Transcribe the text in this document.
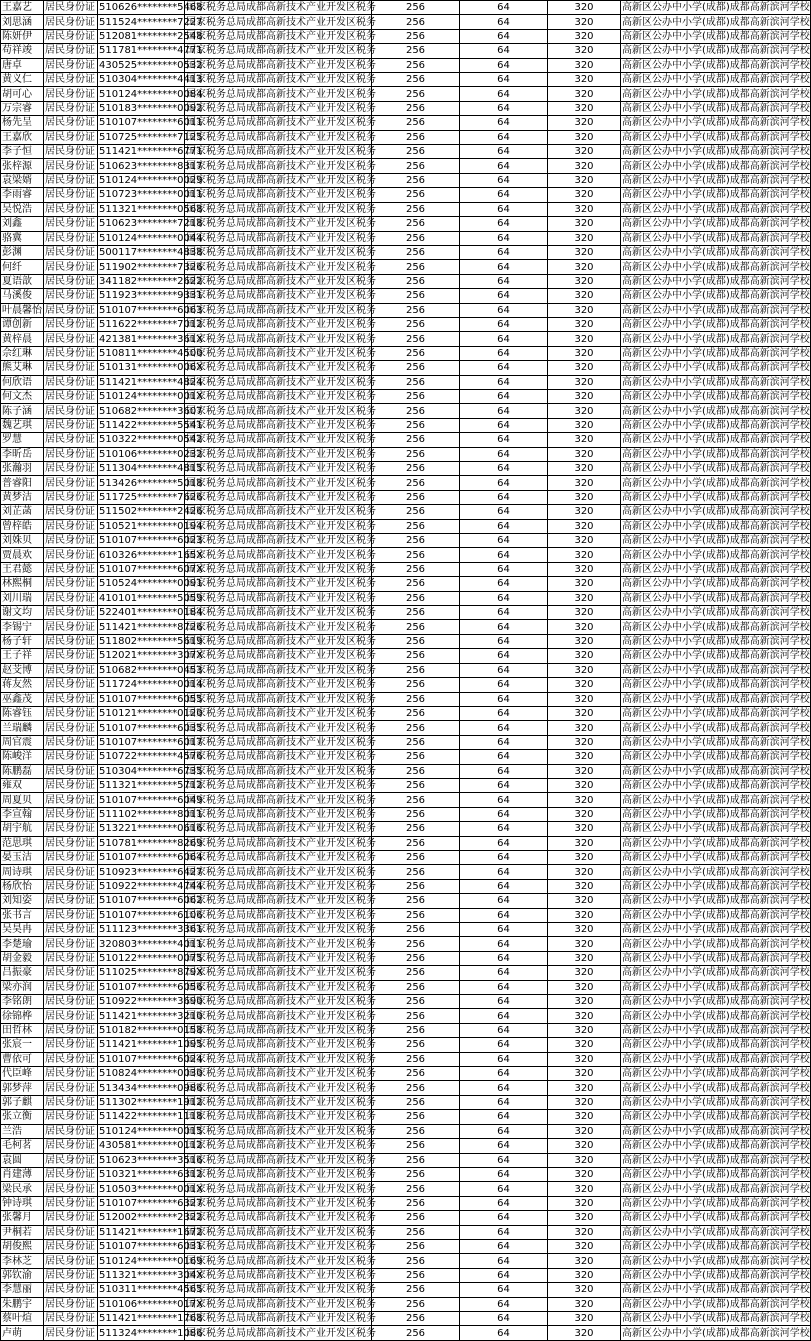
王嘉艺	居民身份证	510626********5468	国家税务总局成都高新技术产业开发区税务	256	64	320	高新区公办中小学(成都)成都高新滨河学校
刘思涵	居民身份证	511524********7227	国家税务总局成都高新技术产业开发区税务	256	64	320	高新区公办中小学(成都)成都高新滨河学校
陈妍伊	居民身份证	512081********2548	国家税务总局成都高新技术产业开发区税务	256	64	320	高新区公办中小学(成都)成都高新滨河学校
苟祥竣	居民身份证	511781********4771	国家税务总局成都高新技术产业开发区税务	256	64	320	高新区公办中小学(成都)成都高新滨河学校
唐卓	居民身份证	430525********0532	国家税务总局成都高新技术产业开发区税务	256	64	320	高新区公办中小学(成都)成都高新滨河学校
黄义仁	居民身份证	510304********4413	国家税务总局成都高新技术产业开发区税务	256	64	320	高新区公办中小学(成都)成都高新滨河学校
胡可心	居民身份证	510124********0084	国家税务总局成都高新技术产业开发区税务	256	64	320	高新区公办中小学(成都)成都高新滨河学校
万宗睿	居民身份证	510183********0092	国家税务总局成都高新技术产业开发区税务	256	64	320	高新区公办中小学(成都)成都高新滨河学校
杨先呈	居民身份证	510107********6011	国家税务总局成都高新技术产业开发区税务	256	64	320	高新区公办中小学(成都)成都高新滨河学校
王嘉欣	居民身份证	510725********7125	国家税务总局成都高新技术产业开发区税务	256	64	320	高新区公办中小学(成都)成都高新滨河学校
李子恒	居民身份证	511421********6771	国家税务总局成都高新技术产业开发区税务	256	64	320	高新区公办中小学(成都)成都高新滨河学校
张梓源	居民身份证	510623********8317	国家税务总局成都高新技术产业开发区税务	256	64	320	高新区公办中小学(成都)成都高新滨河学校
袁梁婿	居民身份证	510124********0029	国家税务总局成都高新技术产业开发区税务	256	64	320	高新区公办中小学(成都)成都高新滨河学校
李雨睿	居民身份证	510723********0011	国家税务总局成都高新技术产业开发区税务	256	64	320	高新区公办中小学(成都)成都高新滨河学校
吴悦浩	居民身份证	511321********0568	国家税务总局成都高新技术产业开发区税务	256	64	320	高新区公办中小学(成都)成都高新滨河学校
刘鑫	居民身份证	510623********7218	国家税务总局成都高新技术产业开发区税务	256	64	320	高新区公办中小学(成都)成都高新滨河学校
骆冀	居民身份证	510124********0044	国家税务总局成都高新技术产业开发区税务	256	64	320	高新区公办中小学(成都)成都高新滨河学校
彭渊	居民身份证	500117********4838	国家税务总局成都高新技术产业开发区税务	256	64	320	高新区公办中小学(成都)成都高新滨河学校
何纤	居民身份证	511902********7326	国家税务总局成都高新技术产业开发区税务	256	64	320	高新区公办中小学(成都)成都高新滨河学校
夏语歆	居民身份证	341182********2622	国家税务总局成都高新技术产业开发区税务	256	64	320	高新区公办中小学(成都)成都高新滨河学校
马溪俊	居民身份证	511923********9331	国家税务总局成都高新技术产业开发区税务	256	64	320	高新区公办中小学(成都)成都高新滨河学校
叶晨馨怡	居民身份证	510107********6063	国家税务总局成都高新技术产业开发区税务	256	64	320	高新区公办中小学(成都)成都高新滨河学校
谭创新	居民身份证	511622********7012	国家税务总局成都高新技术产业开发区税务	256	64	320	高新区公办中小学(成都)成都高新滨河学校
黄梓晨	居民身份证	421381********361X	国家税务总局成都高新技术产业开发区税务	256	64	320	高新区公办中小学(成都)成都高新滨河学校
佘红琳	居民身份证	510811********4500	国家税务总局成都高新技术产业开发区税务	256	64	320	高新区公办中小学(成都)成都高新滨河学校
熊艾琳	居民身份证	510131********006X	国家税务总局成都高新技术产业开发区税务	256	64	320	高新区公办中小学(成都)成都高新滨河学校
何欣语	居民身份证	511421********4824	国家税务总局成都高新技术产业开发区税务	256	64	320	高新区公办中小学(成都)成都高新滨河学校
何文杰	居民身份证	510124********001X	国家税务总局成都高新技术产业开发区税务	256	64	320	高新区公办中小学(成都)成都高新滨河学校
陈子涵	居民身份证	510682********3607	国家税务总局成都高新技术产业开发区税务	256	64	320	高新区公办中小学(成都)成都高新滨河学校
魏艺琪	居民身份证	511422********5541	国家税务总局成都高新技术产业开发区税务	256	64	320	高新区公办中小学(成都)成都高新滨河学校
罗慧	居民身份证	510322********0542	国家税务总局成都高新技术产业开发区税务	256	64	320	高新区公办中小学(成都)成都高新滨河学校
李昕岳	居民身份证	510106********0232	国家税务总局成都高新技术产业开发区税务	256	64	320	高新区公办中小学(成都)成都高新滨河学校
张瀚羽	居民身份证	511304********4815	国家税务总局成都高新技术产业开发区税务	256	64	320	高新区公办中小学(成都)成都高新滨河学校
普睿阳	居民身份证	513426********5018	国家税务总局成都高新技术产业开发区税务	256	64	320	高新区公办中小学(成都)成都高新滨河学校
黄梦洁	居民身份证	511725********7626	国家税务总局成都高新技术产业开发区税务	256	64	320	高新区公办中小学(成都)成都高新滨河学校
刘芷菡	居民身份证	511502********2426	国家税务总局成都高新技术产业开发区税务	256	64	320	高新区公办中小学(成都)成都高新滨河学校
曾梓皓	居民身份证	510521********0194	国家税务总局成都高新技术产业开发区税务	256	64	320	高新区公办中小学(成都)成都高新滨河学校
刘姝贝	居民身份证	510107********6023	国家税务总局成都高新技术产业开发区税务	256	64	320	高新区公办中小学(成都)成都高新滨河学校
贾晨欢	居民身份证	610326********165X	国家税务总局成都高新技术产业开发区税务	256	64	320	高新区公办中小学(成都)成都高新滨河学校
王君懿	居民身份证	510107********607X	国家税务总局成都高新技术产业开发区税务	256	64	320	高新区公办中小学(成都)成都高新滨河学校
林熙桐	居民身份证	510524********0091	国家税务总局成都高新技术产业开发区税务	256	64	320	高新区公办中小学(成都)成都高新滨河学校
刘川瑞	居民身份证	410101********5059	国家税务总局成都高新技术产业开发区税务	256	64	320	高新区公办中小学(成都)成都高新滨河学校
谢文均	居民身份证	522401********0184	国家税务总局成都高新技术产业开发区税务	256	64	320	高新区公办中小学(成都)成都高新滨河学校
李锡宁	居民身份证	511421********8726	国家税务总局成都高新技术产业开发区税务	256	64	320	高新区公办中小学(成都)成都高新滨河学校
杨子轩	居民身份证	511802********5619	国家税务总局成都高新技术产业开发区税务	256	64	320	高新区公办中小学(成都)成都高新滨河学校
王子祥	居民身份证	512021********307X	国家税务总局成都高新技术产业开发区税务	256	64	320	高新区公办中小学(成都)成都高新滨河学校
赵芠博	居民身份证	510682********0453	国家税务总局成都高新技术产业开发区税务	256	64	320	高新区公办中小学(成都)成都高新滨河学校
蒋友然	居民身份证	511724********0014	国家税务总局成都高新技术产业开发区税务	256	64	320	高新区公办中小学(成都)成都高新滨河学校
巫鑫茂	居民身份证	510107********6055	国家税务总局成都高新技术产业开发区税务	256	64	320	高新区公办中小学(成都)成都高新滨河学校
陈睿钰	居民身份证	510121********0120	国家税务总局成都高新技术产业开发区税务	256	64	320	高新区公办中小学(成都)成都高新滨河学校
兰瑞麟	居民身份证	510107********6035	国家税务总局成都高新技术产业开发区税务	256	64	320	高新区公办中小学(成都)成都高新滨河学校
周官震	居民身份证	510107********6017	国家税务总局成都高新技术产业开发区税务	256	64	320	高新区公办中小学(成都)成都高新滨河学校
陈峻洋	居民身份证	510722********4576	国家税务总局成都高新技术产业开发区税务	256	64	320	高新区公办中小学(成都)成都高新滨河学校
陈鹏磊	居民身份证	510304********6735	国家税务总局成都高新技术产业开发区税务	256	64	320	高新区公办中小学(成都)成都高新滨河学校
雍双	居民身份证	511321********5712	国家税务总局成都高新技术产业开发区税务	256	64	320	高新区公办中小学(成都)成都高新滨河学校
周夏贝	居民身份证	510107********6049	国家税务总局成都高新技术产业开发区税务	256	64	320	高新区公办中小学(成都)成都高新滨河学校
李宣翰	居民身份证	511102********8011	国家税务总局成都高新技术产业开发区税务	256	64	320	高新区公办中小学(成都)成都高新滨河学校
胡宇航	居民身份证	513221********0616	国家税务总局成都高新技术产业开发区税务	256	64	320	高新区公办中小学(成都)成都高新滨河学校
范思琪	居民身份证	510781********8269	国家税务总局成都高新技术产业开发区税务	256	64	320	高新区公办中小学(成都)成都高新滨河学校
晏玉洁	居民身份证	510107********6064	国家税务总局成都高新技术产业开发区税务	256	64	320	高新区公办中小学(成都)成都高新滨河学校
周诗琪	居民身份证	510923********6427	国家税务总局成都高新技术产业开发区税务	256	64	320	高新区公办中小学(成都)成都高新滨河学校
杨欣怡	居民身份证	510922********4744	国家税务总局成都高新技术产业开发区税务	256	64	320	高新区公办中小学(成都)成都高新滨河学校
刘知姿	居民身份证	510107********6062	国家税务总局成都高新技术产业开发区税务	256	64	320	高新区公办中小学(成都)成都高新滨河学校
张书言	居民身份证	510107********6106	国家税务总局成都高新技术产业开发区税务	256	64	320	高新区公办中小学(成都)成都高新滨河学校
吴昊冉	居民身份证	511123********3361	国家税务总局成都高新技术产业开发区税务	256	64	320	高新区公办中小学(成都)成都高新滨河学校
李楚瑜	居民身份证	320803********4011	国家税务总局成都高新技术产业开发区税务	256	64	320	高新区公办中小学(成都)成都高新滨河学校
胡金毅	居民身份证	510122********0075	国家税务总局成都高新技术产业开发区税务	256	64	320	高新区公办中小学(成都)成都高新滨河学校
吕振豪	居民身份证	511025********879X	国家税务总局成都高新技术产业开发区税务	256	64	320	高新区公办中小学(成都)成都高新滨河学校
梁亦润	居民身份证	510107********6056	国家税务总局成都高新技术产业开发区税务	256	64	320	高新区公办中小学(成都)成都高新滨河学校
李铭朗	居民身份证	510922********3690	国家税务总局成都高新技术产业开发区税务	256	64	320	高新区公办中小学(成都)成都高新滨河学校
徐锦桦	居民身份证	511421********3210	国家税务总局成都高新技术产业开发区税务	256	64	320	高新区公办中小学(成都)成都高新滨河学校
田哲林	居民身份证	510182********0158	国家税务总局成都高新技术产业开发区税务	256	64	320	高新区公办中小学(成都)成都高新滨河学校
张宸一	居民身份证	511421********1095	国家税务总局成都高新技术产业开发区税务	256	64	320	高新区公办中小学(成都)成都高新滨河学校
曹依可	居民身份证	510107********6024	国家税务总局成都高新技术产业开发区税务	256	64	320	高新区公办中小学(成都)成都高新滨河学校
代臣峰	居民身份证	510824********0030	国家税务总局成都高新技术产业开发区税务	256	64	320	高新区公办中小学(成都)成都高新滨河学校
郭梦萍	居民身份证	513434********0986	国家税务总局成都高新技术产业开发区税务	256	64	320	高新区公办中小学(成都)成都高新滨河学校
郭子麒	居民身份证	511302********1912	国家税务总局成都高新技术产业开发区税务	256	64	320	高新区公办中小学(成都)成都高新滨河学校
张立衡	居民身份证	511422********1118	国家税务总局成都高新技术产业开发区税务	256	64	320	高新区公办中小学(成都)成都高新滨河学校
兰浩	居民身份证	510124********0015	国家税务总局成都高新技术产业开发区税务	256	64	320	高新区公办中小学(成都)成都高新滨河学校
毛柯茗	居民身份证	430581********0112	国家税务总局成都高新技术产业开发区税务	256	64	320	高新区公办中小学(成都)成都高新滨河学校
袁圆	居民身份证	510623********3516	国家税务总局成都高新技术产业开发区税务	256	64	320	高新区公办中小学(成都)成都高新滨河学校
肖建薄	居民身份证	510321********6312	国家税务总局成都高新技术产业开发区税务	256	64	320	高新区公办中小学(成都)成都高新滨河学校
梁民承	居民身份证	510503********001X	国家税务总局成都高新技术产业开发区税务	256	64	320	高新区公办中小学(成都)成都高新滨河学校
钟诗琪	居民身份证	510107********6327	国家税务总局成都高新技术产业开发区税务	256	64	320	高新区公办中小学(成都)成都高新滨河学校
张馨月	居民身份证	512002********2322	国家税务总局成都高新技术产业开发区税务	256	64	320	高新区公办中小学(成都)成都高新滨河学校
尹桐若	居民身份证	511421********1672	国家税务总局成都高新技术产业开发区税务	256	64	320	高新区公办中小学(成都)成都高新滨河学校
胡俊熙	居民身份证	510107********6031	国家税务总局成都高新技术产业开发区税务	256	64	320	高新区公办中小学(成都)成都高新滨河学校
李林芝	居民身份证	510124********0169	国家税务总局成都高新技术产业开发区税务	256	64	320	高新区公办中小学(成都)成都高新滨河学校
郭钦渝	居民身份证	511321********304X	国家税务总局成都高新技术产业开发区税务	256	64	320	高新区公办中小学(成都)成都高新滨河学校
李慧丽	居民身份证	510311********4565	国家税务总局成都高新技术产业开发区税务	256	64	320	高新区公办中小学(成都)成都高新滨河学校
朱鹏宇	居民身份证	510106********017X	国家税务总局成都高新技术产业开发区税务	256	64	320	高新区公办中小学(成都)成都高新滨河学校
蔡叶煊	居民身份证	511421********1768	国家税务总局成都高新技术产业开发区税务	256	64	320	高新区公办中小学(成都)成都高新滨河学校
卢萌	居民身份证	511324********1086	国家税务总局成都高新技术产业开发区税务	256	64	320	高新区公办中小学(成都)成都高新滨河学校
